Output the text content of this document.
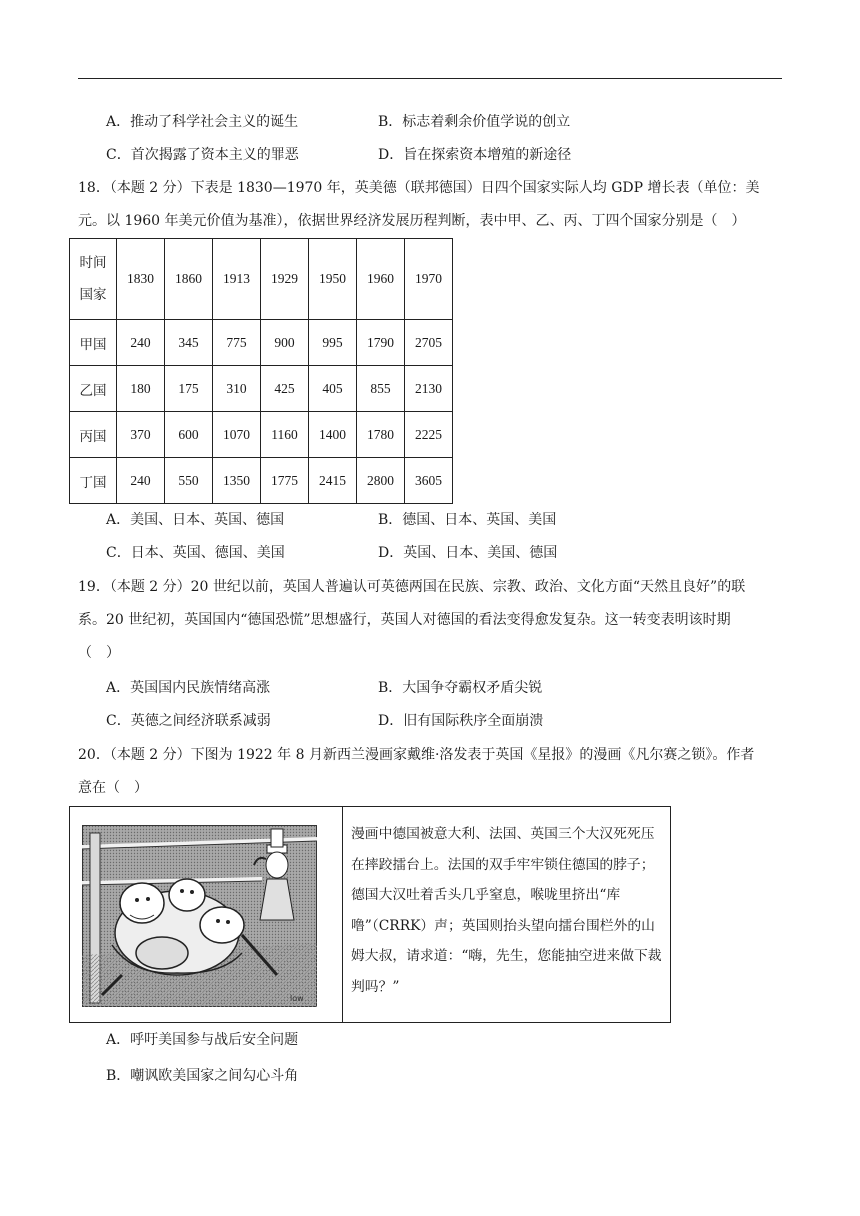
A．推动了科学社会主义的诞生	B．标志着剩余价值学说的创立
C．首次揭露了资本主义的罪恶	D．旨在探索资本增殖的新途径
18．（本题 2 分）下表是 1830—1970 年，英美德（联邦德国）日四个国家实际人均 GDP 增长表（单位：美
元。以 1960 年美元价值为基准），依据世界经济发展历程判断，表中甲、乙、丙、丁四个国家分别是（　）
时间
国家	1830	1860	1913	1929	1950	1960	1970
甲国	240	345	775	900	995	1790	2705
乙国	180	175	310	425	405	855	2130
丙国	370	600	1070	1160	1400	1780	2225
丁国	240	550	1350	1775	2415	2800	3605
A．美国、日本、英国、德国	B．德国、日本、英国、美国
C．日本、英国、德国、美国	D．英国、日本、美国、德国
19．（本题 2 分）20 世纪以前，英国人普遍认可英德两国在民族、宗教、政治、文化方面“天然且良好”的联
系。20 世纪初，英国国内“德国恐慌”思想盛行，英国人对德国的看法变得愈发复杂。这一转变表明该时期
（　）
A．英国国内民族情绪高涨	B．大国争夺霸权矛盾尖锐
C．英德之间经济联系减弱	D．旧有国际秩序全面崩溃
20．（本题 2 分）下图为 1922 年 8 月新西兰漫画家戴维·洛发表于英国《星报》的漫画《凡尔赛之锁》。作者
意在（　）
low
漫画中德国被意大利、法国、英国三个大汉死死压在摔跤擂台上。法国的双手牢牢锁住德国的脖子；德国大汉吐着舌头几乎窒息，喉咙里挤出“库噜”（CRRK）声；英国则抬头望向擂台围栏外的山姆大叔，请求道：“嗨，先生，您能抽空进来做下裁判吗？”
A．呼吁美国参与战后安全问题
B．嘲讽欧美国家之间勾心斗角
